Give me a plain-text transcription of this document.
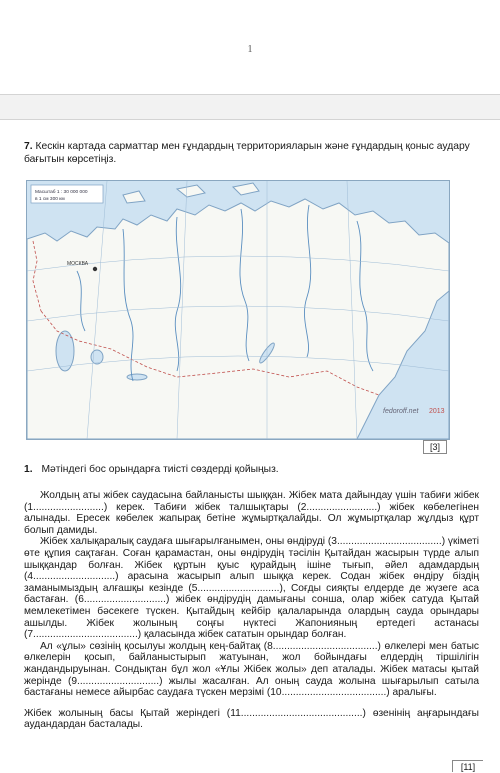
1
7. Кескін картада сарматтар мен ғұндардың территорияларын және ғұндардың қоныс аудару бағытын көрсетіңіз.
Масштаб 1 : 30 000 000
в 1 см 300 км
МОСКВА
fedoroff.net 2013
[3]
1. Мәтіндегі бос орындарға тиісті сөздерді қойыңыз.

Жолдың аты жібек саудасына байланысты шыққан. Жібек мата дайындау үшін табиғи жібек (1.........................) керек. Табиғи жібек талшықтары (2.........................) жібек көбелегінен алынады. Ересек көбелек жапырақ бетіне жұмыртқалайды. Ол жұмыртқалар жұлдыз құрт болып дамиды.

Жібек халықаралық саудаға шығарылғанымен, оны өндіруді (3.....................................) үкіметі өте құпия сақтаған. Соған қарамастан, оны өндірудің тәсілін Қытайдан жасырын түрде алып шыққандар болған. Жібек құртын қуыс қурайдың ішіне тығып, әйел адамдардың (4.............................) арасына жасырып алып шыққа керек. Содан жібек өндіру біздің заманымыздың алғашқы кезінде (5.............................), Соғды сияқты елдерде де жүзеге аса бастаған. (6.............................) жібек өндірудің дамығаны сонша, олар жібек сатуда Қытай мемлекетімен бәсекеге түскен. Қытайдың кейбір қалаларында олардың сауда орындары ашылды. Жібек жолының соңғы нүктесі Жапонияның ертедегі астанасы (7.....................................) қаласында жібек сататын орындар болған.

Ал «ұлы» сөзінің қосылуы жолдың кең-байтақ (8.....................................) өлкелері мен батыс өлкелерін қосып, байланыстырып жатуынан, жол бойындағы елдердің тіршілігін жандандыруынан. Сондықтан бұл жол «Ұлы Жібек жолы» деп аталады. Жібек матасы қытай жерінде (9.............................) жылы жасалған. Ал оның сауда жолына шығарылып сатыла бастағаны немесе айырбас саудаға түскен мерзімі (10.....................................) аралығы.

Жібек жолының басы Қытай жеріндегі (11...........................................) өзенінің аңғарындағы аудандардан басталады.

[11]
